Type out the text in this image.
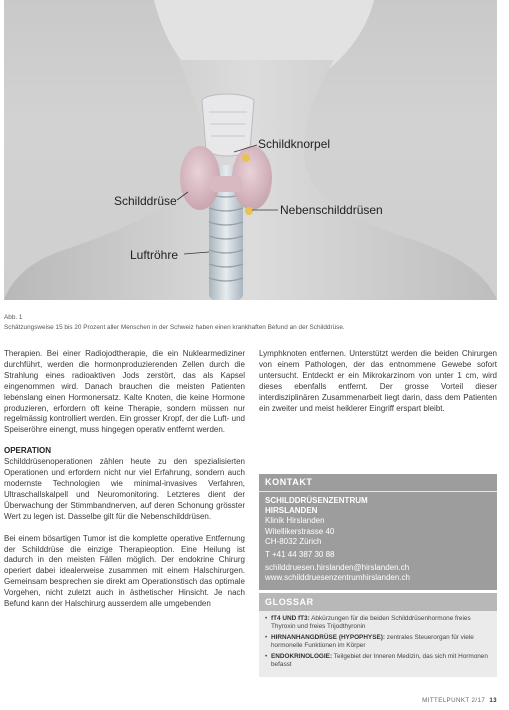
Schildknorpel
Schilddrüse
Nebenschilddrüsen
Luftröhre
Abb. 1
Schätzungsweise 15 bis 20 Prozent aller Menschen in der Schweiz haben einen krankhaften Befund an der Schilddrüse.

Therapien. Bei einer Radiojodtherapie, die ein Nuklearmediziner durchführt, werden die hormonproduzierenden Zellen durch die Strahlung eines radioaktiven Jods zerstört, das als Kapsel eingenommen wird. Danach brauchen die meisten Patienten lebenslang einen Hormonersatz. Kalte Knoten, die keine Hormone produzieren, erfordern oft keine Therapie, sondern müssen nur regelmässig kontrolliert werden. Ein grosser Kropf, der die Luft- und Speiseröhre einengt, muss hingegen operativ entfernt werden.

OPERATION

Schilddrüsenoperationen zählen heute zu den spezialisierten Operationen und erfordern nicht nur viel Erfahrung, sondern auch modernste Technologien wie minimal-invasives Verfahren, Ultraschallskalpell und Neuromonitoring. Letzteres dient der Überwachung der Stimmbandnerven, auf deren Schonung grösster Wert zu legen ist. Dasselbe gilt für die Nebenschilddrüsen.

Bei einem bösartigen Tumor ist die komplette operative Entfernung der Schilddrüse die einzige Therapieoption. Eine Heilung ist dadurch in den meisten Fällen möglich. Der endokrine Chirurg operiert dabei idealerweise zusammen mit einem Halschirurgen. Gemeinsam besprechen sie direkt am Operationstisch das optimale Vorgehen, nicht zuletzt auch in ästhetischer Hinsicht. Je nach Befund kann der Halschirurg ausserdem alle umgebenden

Lymphknoten entfernen. Unterstützt werden die beiden Chirurgen von einem Pathologen, der das entnommene Gewebe sofort untersucht. Entdeckt er ein Mikrokarzinom von unter 1 cm, wird dieses ebenfalls entfernt. Der grosse Vorteil dieser interdisziplinären Zusammenarbeit liegt darin, dass dem Patienten ein zweiter und meist heiklerer Eingriff erspart bleibt.

KONTAKT
SCHILDDRÜSENZENTRUM
HIRSLANDEN
Klinik Hirslanden
Witellikerstrasse 40
CH-8032 Zürich
T +41 44 387 30 88
schilddruesen.hirslanden@hirslanden.ch
www.schilddruesenzentrumhirslanden.ch
GLOSSAR
• fT4 UND fT3: Abkürzungen für die beiden Schilddrüsenhormone freies Thyroxin und freies Trijodthyronin
• HIRNANHANGDRÜSE (HYPOPHYSE): zentrales Steuerorgan für viele hormonelle Funktionen im Körper
• ENDOKRINOLOGIE: Teilgebiet der Inneren Medizin, das sich mit Hormonen befasst
MITTELPUNKT 2/17 13
